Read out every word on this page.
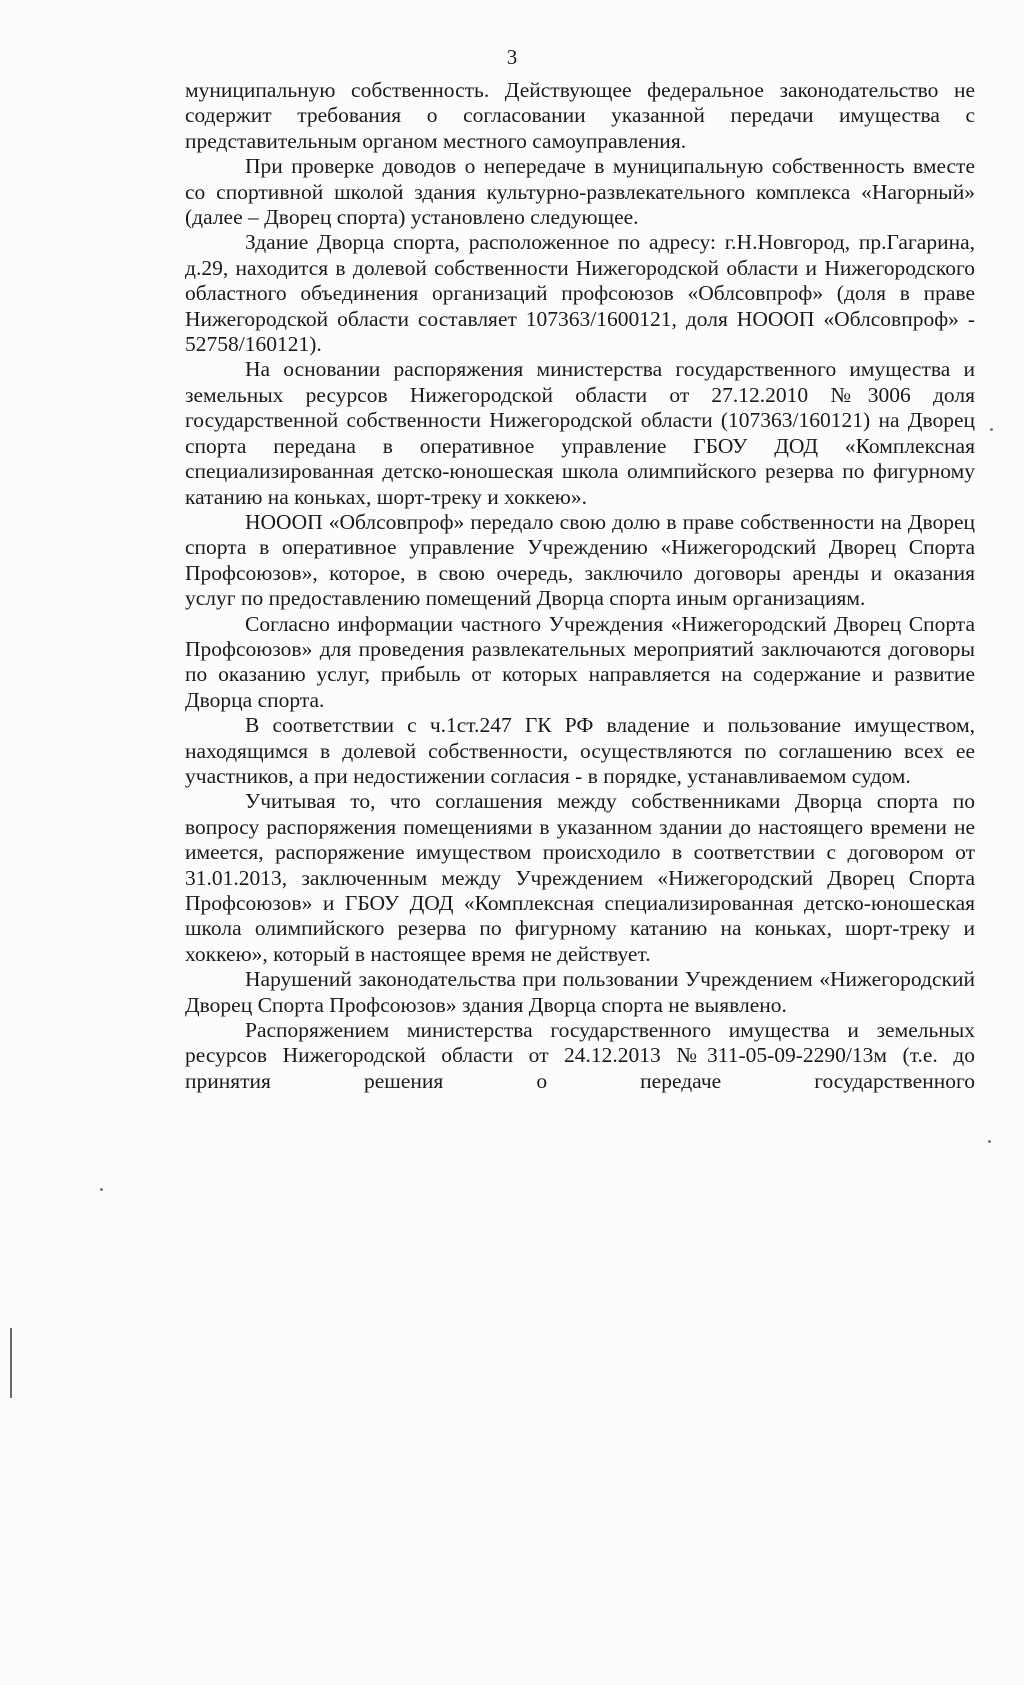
3

муниципальную собственность. Действующее федеральное законодательство не содержит требования о согласовании указанной передачи имущества с представительным органом местного самоуправления.

При проверке доводов о непередаче в муниципальную собственность вместе со спортивной школой здания культурно-развлекательного комплекса «Нагорный» (далее – Дворец спорта) установлено следующее.

Здание Дворца спорта, расположенное по адресу: г.Н.Новгород, пр.Гагарина, д.29, находится в долевой собственности Нижегородской области и Нижегородского областного объединения организаций профсоюзов «Облсовпроф» (доля в праве Нижегородской области составляет 107363/1600121, доля НОООП «Облсовпроф» - 52758/160121).

На основании распоряжения министерства государственного имущества и земельных ресурсов Нижегородской области от 27.12.2010 №3006 доля государственной собственности Нижегородской области (107363/160121) на Дворец спорта передана в оперативное управление ГБОУ ДОД «Комплексная специализированная детско-юношеская школа олимпийского резерва по фигурному катанию на коньках, шорт-треку и хоккею».

НОООП «Облсовпроф» передало свою долю в праве собственности на Дворец спорта в оперативное управление Учреждению «Нижегородский Дворец Спорта Профсоюзов», которое, в свою очередь, заключило договоры аренды и оказания услуг по предоставлению помещений Дворца спорта иным организациям.

Согласно информации частного Учреждения «Нижегородский Дворец Спорта Профсоюзов» для проведения развлекательных мероприятий заключаются договоры по оказанию услуг, прибыль от которых направляется на содержание и развитие Дворца спорта.

В соответствии с ч.1ст.247 ГК РФ владение и пользование имуществом, находящимся в долевой собственности, осуществляются по соглашению всех ее участников, а при недостижении согласия - в порядке, устанавливаемом судом.

Учитывая то, что соглашения между собственниками Дворца спорта по вопросу распоряжения помещениями в указанном здании до настоящего времени не имеется, распоряжение имуществом происходило в соответствии с договором от 31.01.2013, заключенным между Учреждением «Нижегородский Дворец Спорта Профсоюзов» и ГБОУ ДОД «Комплексная специализированная детско-юношеская школа олимпийского резерва по фигурному катанию на коньках, шорт-треку и хоккею», который в настоящее время не действует.

Нарушений законодательства при пользовании Учреждением «Нижегородский Дворец Спорта Профсоюзов» здания Дворца спорта не выявлено.

Распоряжением министерства государственного имущества и земельных ресурсов Нижегородской области от 24.12.2013 №311-05-09-2290/13м (т.е. до принятия решения о передаче государственного
